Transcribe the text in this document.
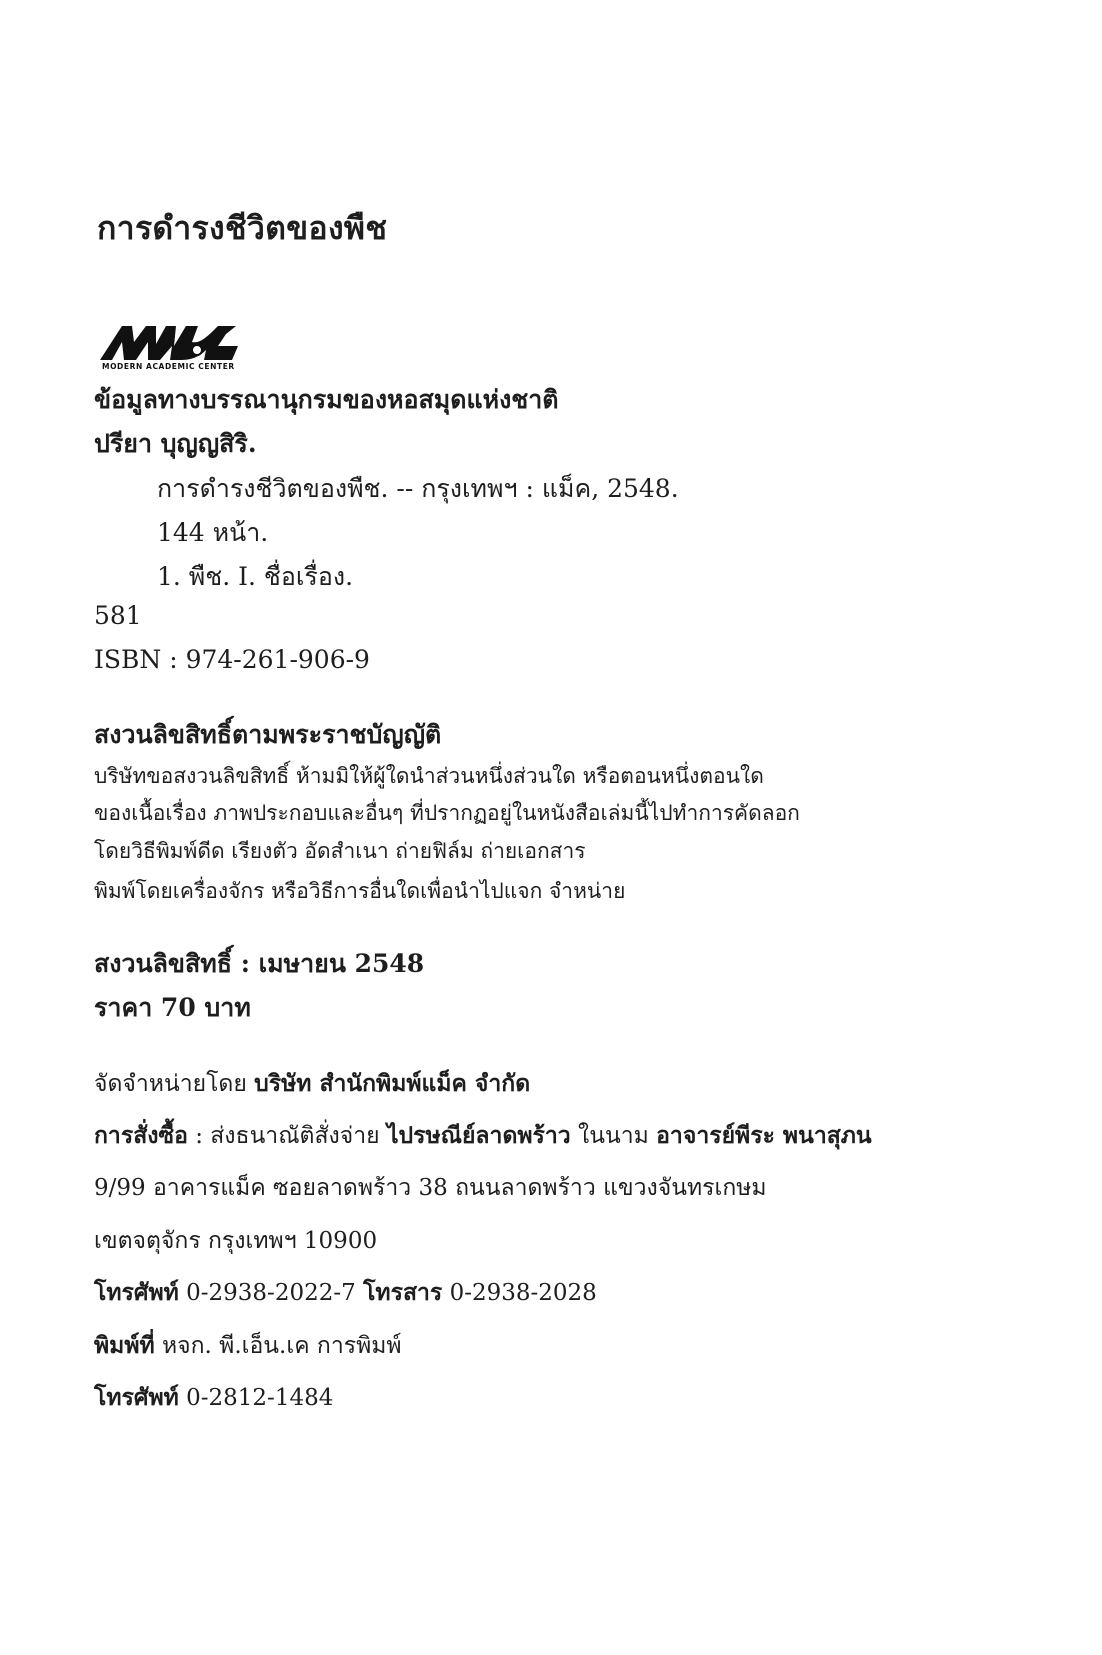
การดำรงชีวิตของพืช
MODERN ACADEMIC CENTER
ข้อมูลทางบรรณานุกรมของหอสมุดแห่งชาติ
ปรียา บุญญสิริ.
การดำรงชีวิตของพืช. -- กรุงเทพฯ : แม็ค, 2548.
144 หน้า.
1. พืช. I. ชื่อเรื่อง.
581
ISBN : 974-261-906-9
สงวนลิขสิทธิ์ตามพระราชบัญญัติ
บริษัทขอสงวนลิขสิทธิ์ ห้ามมิให้ผู้ใดนำส่วนหนึ่งส่วนใด หรือตอนหนึ่งตอนใด
ของเนื้อเรื่อง ภาพประกอบและอื่นๆ ที่ปรากฏอยู่ในหนังสือเล่มนี้ไปทำการคัดลอก
โดยวิธีพิมพ์ดีด เรียงตัว อัดสำเนา ถ่ายฟิล์ม ถ่ายเอกสาร
พิมพ์โดยเครื่องจักร หรือวิธีการอื่นใดเพื่อนำไปแจก จำหน่าย
สงวนลิขสิทธิ์ : เมษายน 2548
ราคา 70 บาท
จัดจำหน่ายโดย บริษัท สำนักพิมพ์แม็ค จำกัด
การสั่งซื้อ : ส่งธนาณัติสั่งจ่าย ไปรษณีย์ลาดพร้าว ในนาม อาจารย์พีระ พนาสุภน
9/99 อาคารแม็ค ซอยลาดพร้าว 38 ถนนลาดพร้าว แขวงจันทรเกษม
เขตจตุจักร กรุงเทพฯ 10900
โทรศัพท์ 0-2938-2022-7 โทรสาร 0-2938-2028
พิมพ์ที่ หจก. พี.เอ็น.เค การพิมพ์
โทรศัพท์ 0-2812-1484
